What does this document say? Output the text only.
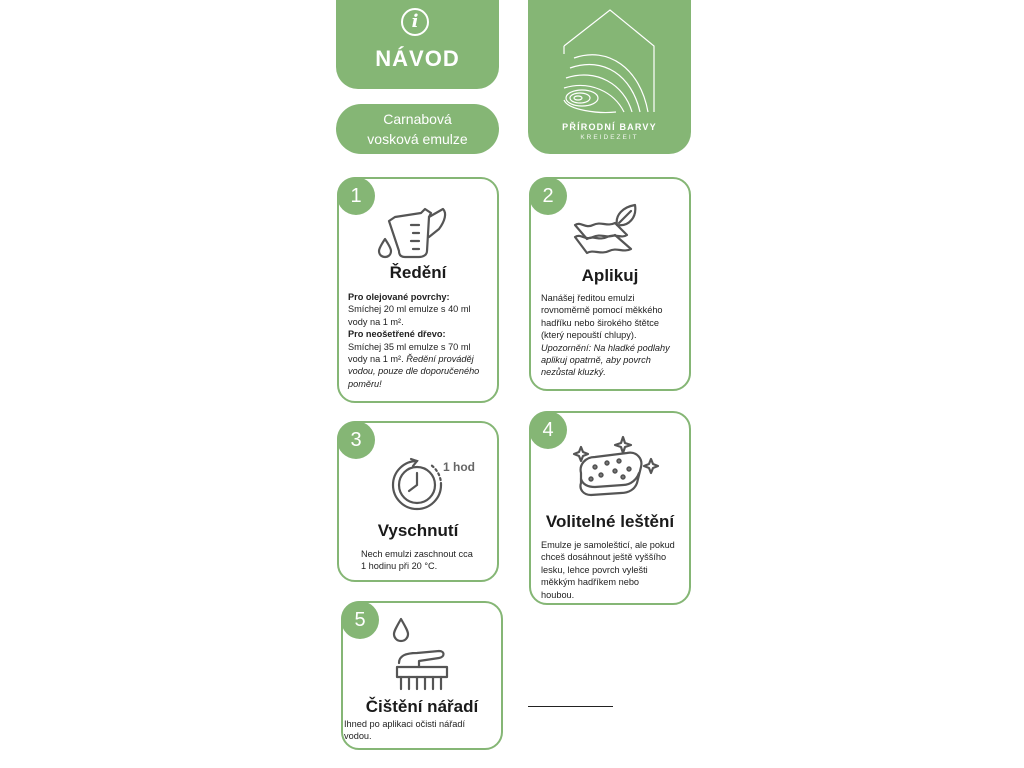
i
NÁVOD
Carnabová
vosková emulze
PŘÍRODNÍ BARVY
KREIDEZEIT
1
Ředění
Pro olejované povrchy:
Smíchej 20 ml emulze s 40 ml
vody na 1 m².
Pro neošetřené dřevo:
Smíchej 35 ml emulze s 70 ml
vody na 1 m². Ředění prováděj
vodou, pouze dle doporučeného
poměru!
2
Aplikuj
Nanášej ředitou emulzi
rovnoměrně pomocí měkkého
hadříku nebo širokého štětce
(který nepouští chlupy).
Upozornění: Na hladké podlahy
aplikuj opatrně, aby povrch
nezůstal kluzký.
3
1 hod
Vyschnutí
Nech emulzi zaschnout cca
1 hodinu při 20 °C.
4
Volitelné leštění
Emulze je samolešticí, ale pokud
chceš dosáhnout ještě vyššího
lesku, lehce povrch vylešti
měkkým hadříkem nebo
houbou.
5
Čištění nářadí
Ihned po aplikaci očisti nářadí
vodou.
